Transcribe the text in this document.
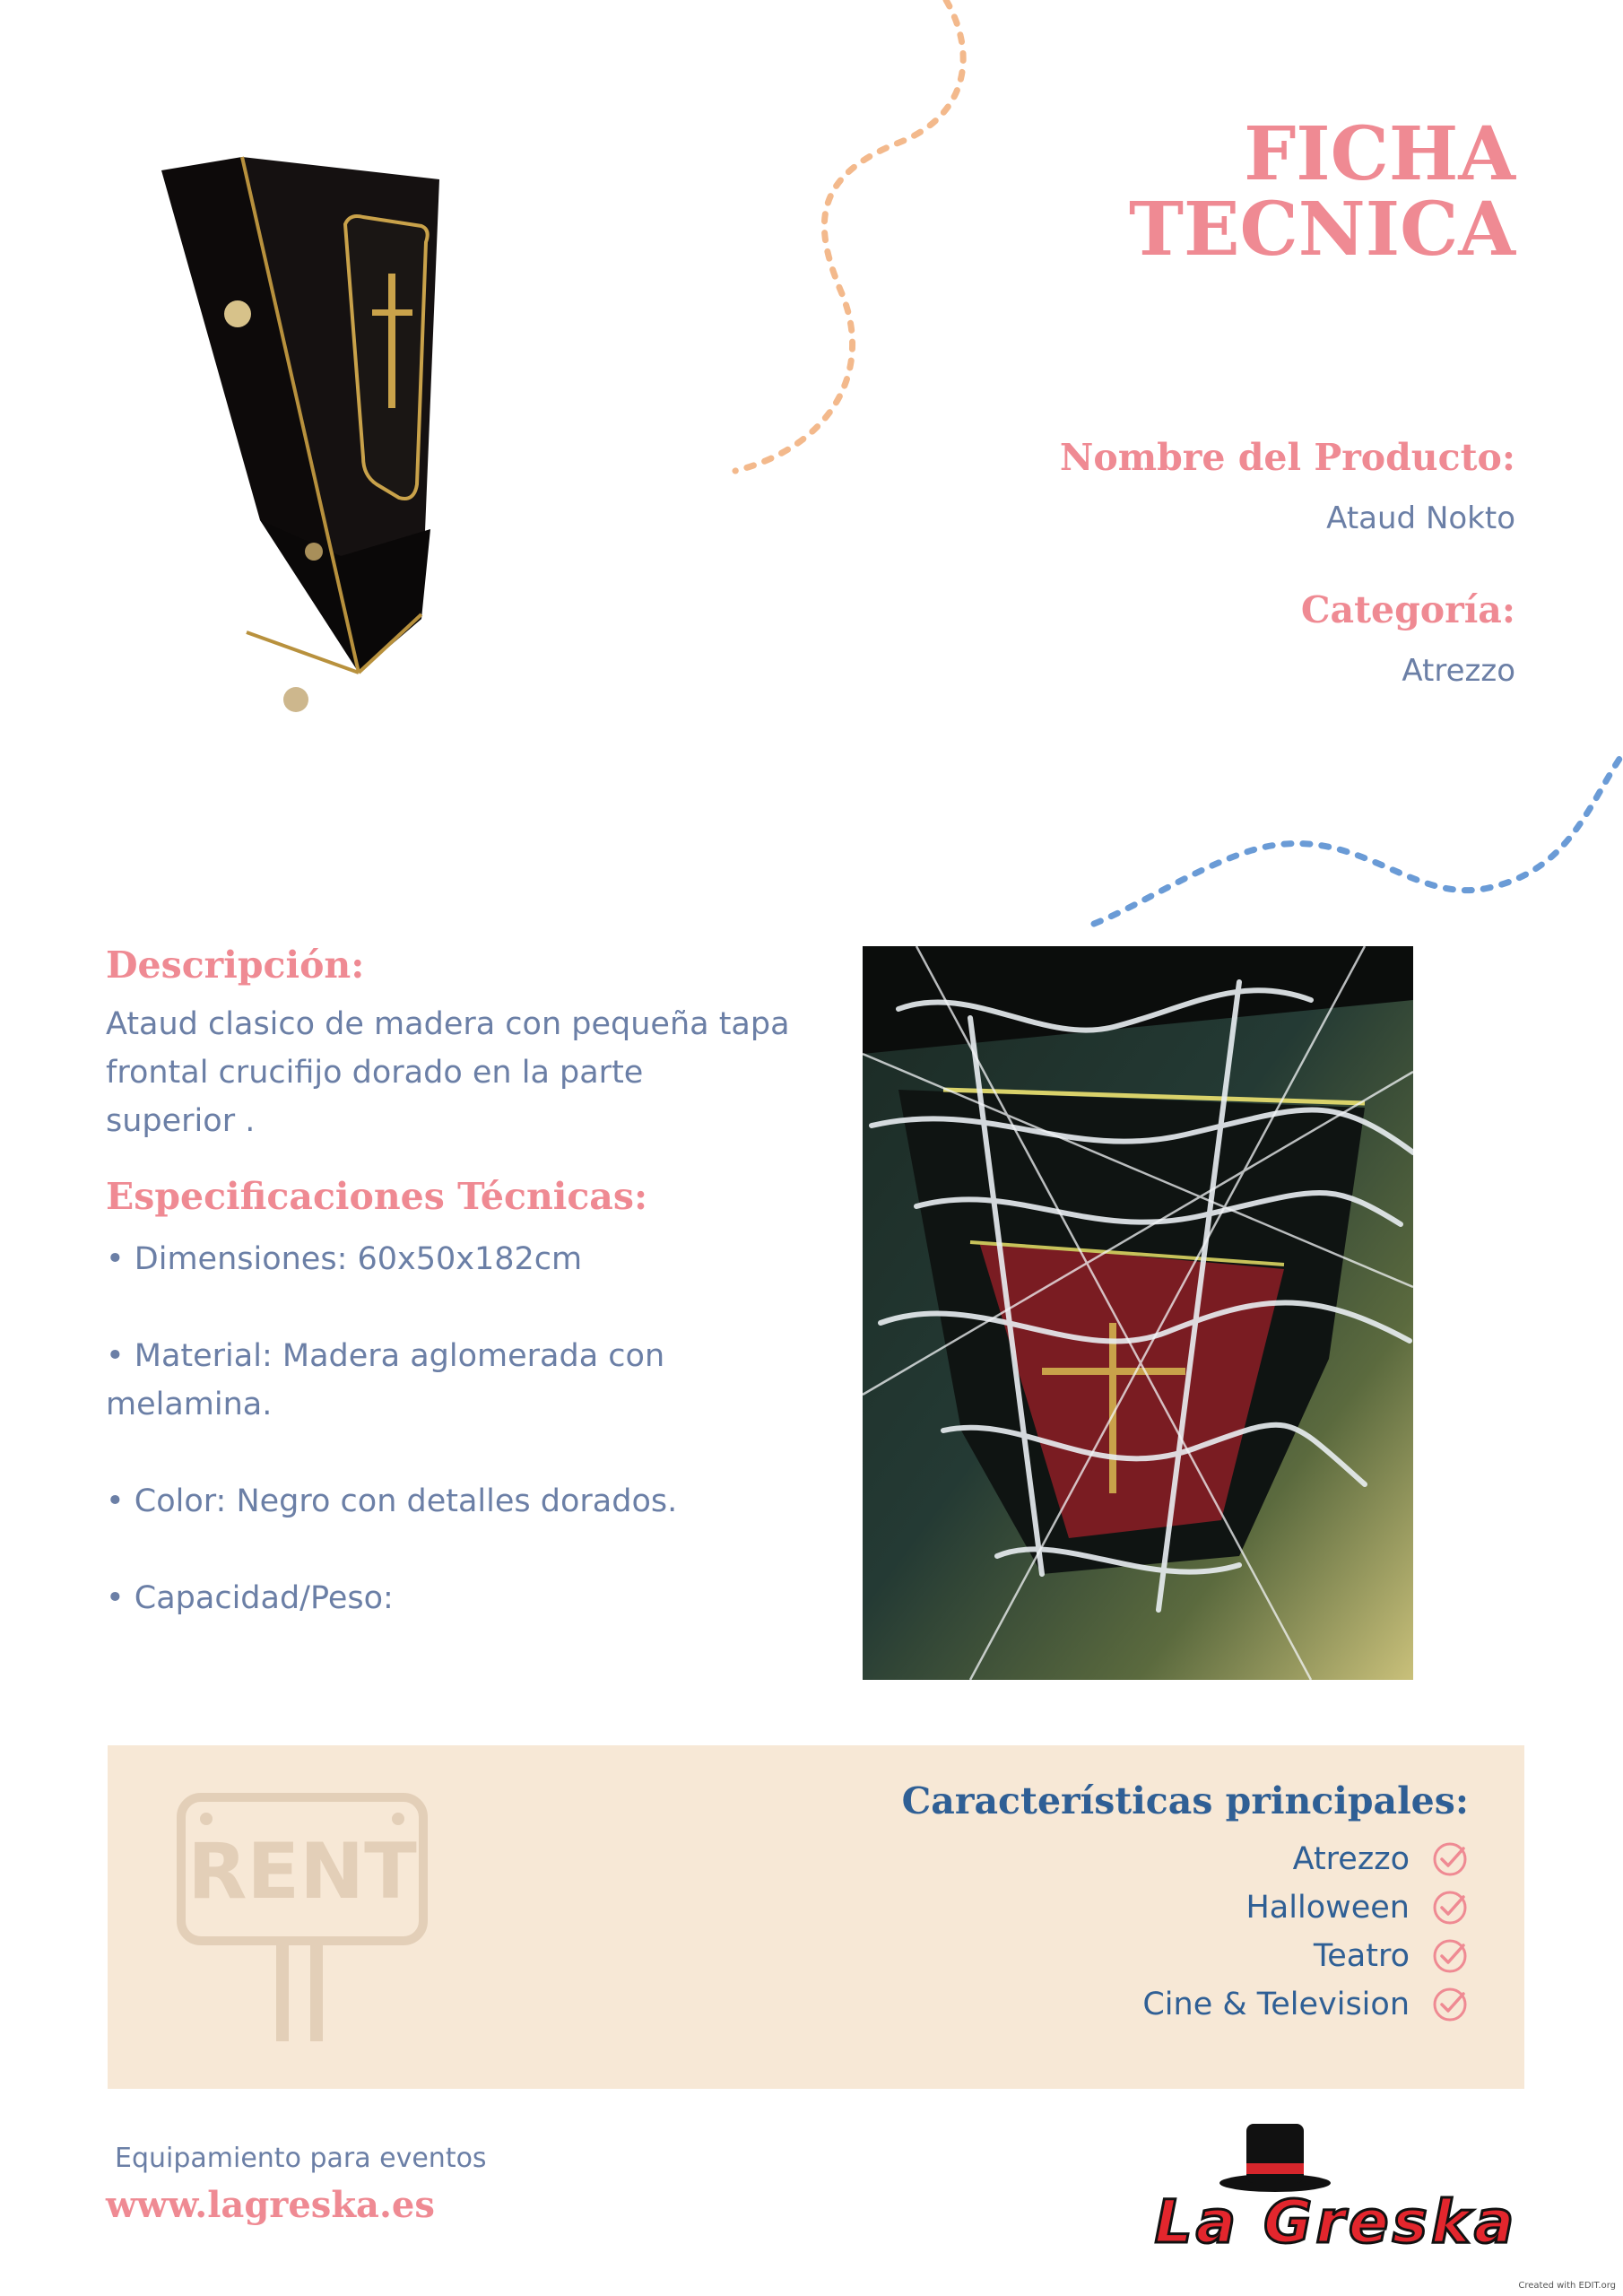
FICHA
TECNICA
Nombre del Producto:
Ataud Nokto
Categoría:
Atrezzo
Descripción:
Ataud clasico de madera con pequeña tapa
frontal crucifijo dorado en la parte
superior .
Especificaciones Técnicas:
• Dimensiones: 60x50x182cm
• Material: Madera aglomerada con
melamina.
• Color: Negro con detalles dorados.
• Capacidad/Peso:
RENT
Características principales:
Atrezzo
Halloween
Teatro
Cine & Television
Equipamiento para eventos
www.lagreska.es	La Greska
Created with EDIT.org
